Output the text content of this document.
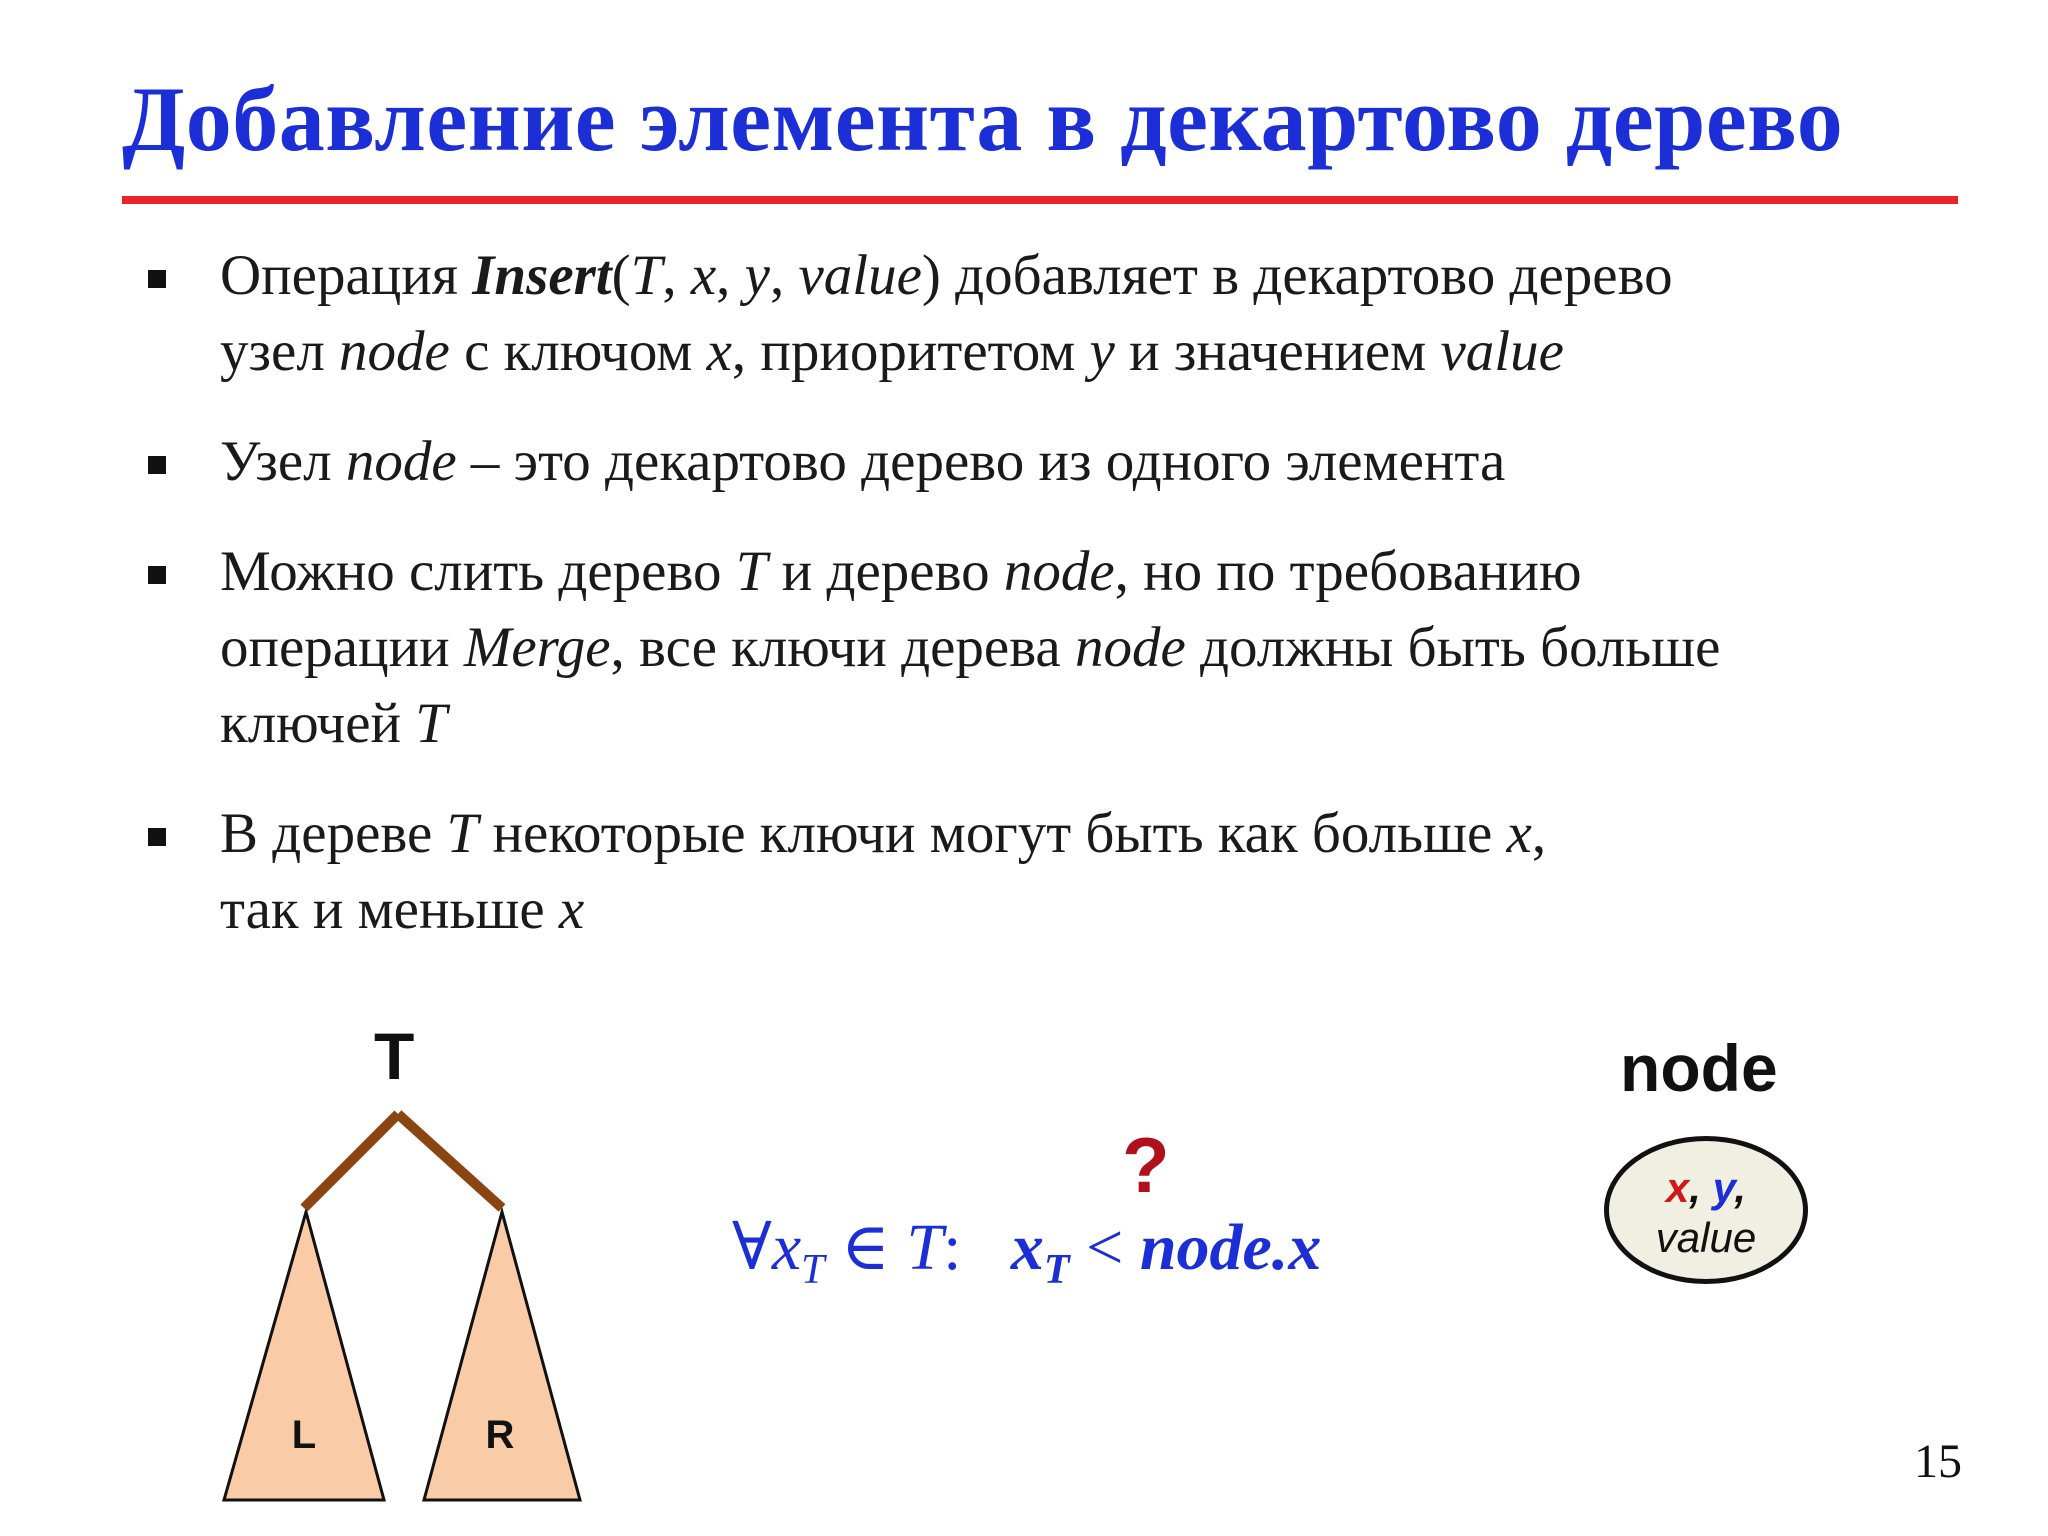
Добавление элемента в декартово дерево
Операция Insert(T, x, y, value) добавляет в декартово дерево
узел node с ключом x, приоритетом y и значением value
Узел node – это декартово дерево из одного элемента
Можно слить дерево T и дерево node, но по требованию
операции Merge, все ключи дерева node должны быть больше
ключей T
В дереве T некоторые ключи могут быть как больше x,
так и меньше x
L	R
T	node
?
$\forall x_T$ ∈ T: $x_T$ < node.x
x, y,
value
15
